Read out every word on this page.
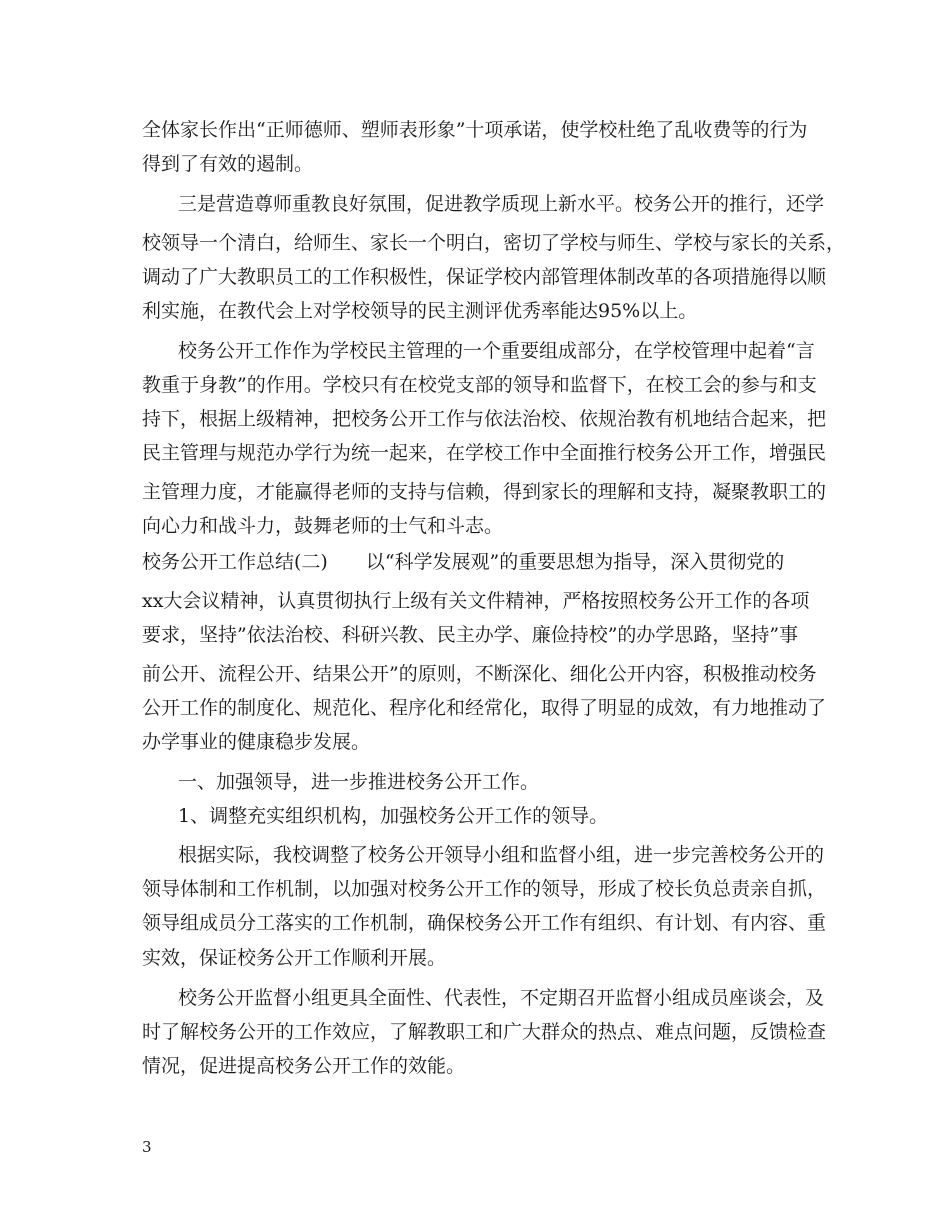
全体家长作出“正师德师、塑师表形象”十项承诺，使学校杜绝了乱收费等的行为
得到了有效的遏制。
三是营造尊师重教良好氛围，促进教学质现上新水平。校务公开的推行，还学
校领导一个清白，给师生、家长一个明白，密切了学校与师生、学校与家长的关系，
调动了广大教职员工的工作积极性，保证学校内部管理体制改革的各项措施得以顺
利实施，在教代会上对学校领导的民主测评优秀率能达95%以上。
校务公开工作作为学校民主管理的一个重要组成部分，在学校管理中起着“言
教重于身教”的作用。学校只有在校党支部的领导和监督下，在校工会的参与和支
持下，根据上级精神，把校务公开工作与依法治校、依规治教有机地结合起来，把
民主管理与规范办学行为统一起来，在学校工作中全面推行校务公开工作，增强民
主管理力度，才能赢得老师的支持与信赖，得到家长的理解和支持，凝聚教职工的
向心力和战斗力，鼓舞老师的士气和斗志。
校务公开工作总结(二) 以“科学发展观”的重要思想为指导，深入贯彻党的
xx大会议精神，认真贯彻执行上级有关文件精神，严格按照校务公开工作的各项
要求，坚持”依法治校、科研兴教、民主办学、廉俭持校”的办学思路，坚持”事
前公开、流程公开、结果公开”的原则，不断深化、细化公开内容，积极推动校务
公开工作的制度化、规范化、程序化和经常化，取得了明显的成效，有力地推动了
办学事业的健康稳步发展。
一、加强领导，进一步推进校务公开工作。
1、调整充实组织机构，加强校务公开工作的领导。
根据实际，我校调整了校务公开领导小组和监督小组，进一步完善校务公开的
领导体制和工作机制，以加强对校务公开工作的领导，形成了校长负总责亲自抓，
领导组成员分工落实的工作机制，确保校务公开工作有组织、有计划、有内容、重
实效，保证校务公开工作顺利开展。
校务公开监督小组更具全面性、代表性，不定期召开监督小组成员座谈会，及
时了解校务公开的工作效应，了解教职工和广大群众的热点、难点问题，反馈检查
情况，促进提高校务公开工作的效能。
3
